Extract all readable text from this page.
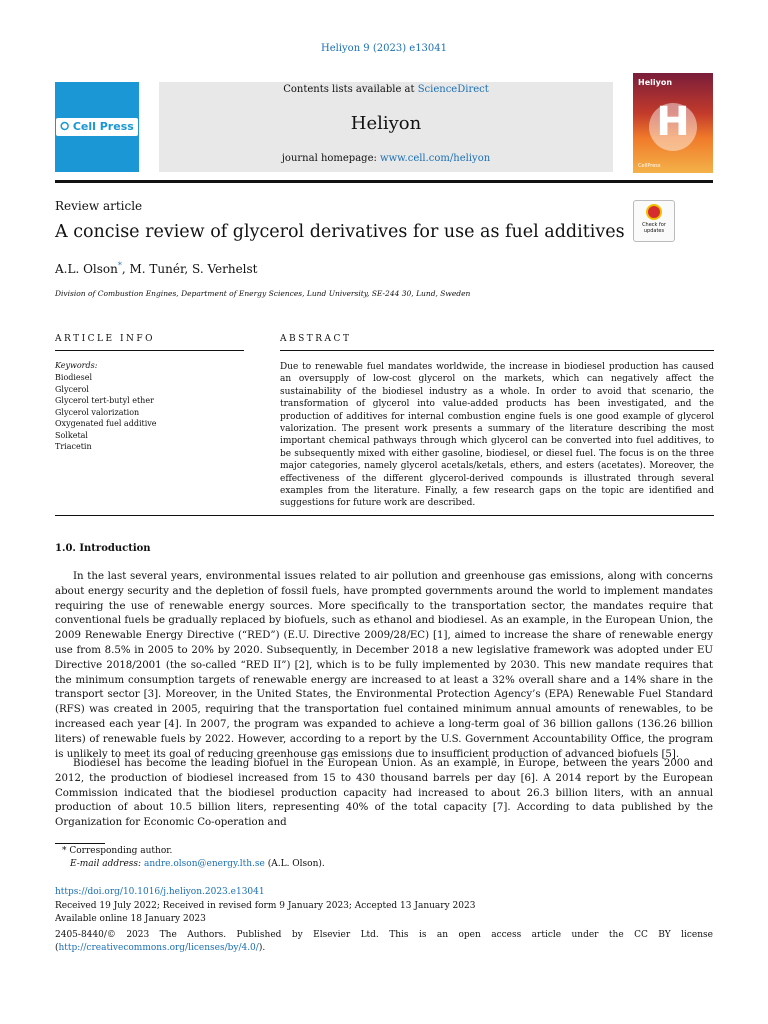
Heliyon 9 (2023) e13041
⭘ Cell Press
Contents lists available at ScienceDirect
Heliyon
journal homepage: www.cell.com/heliyon
Heliyon
H
CellPress
Review article
A concise review of glycerol derivatives for use as fuel additives	Check for updates
A.L. Olson*, M. Tunér, S. Verhelst
Division of Combustion Engines, Department of Energy Sciences, Lund University, SE-244 30, Lund, Sweden
ARTICLE INFO	ABSTRACT
Keywords:
Biodiesel
Glycerol
Glycerol tert-butyl ether
Glycerol valorization
Oxygenated fuel additive
Solketal
Triacetin
Due to renewable fuel mandates worldwide, the increase in biodiesel production has caused an oversupply of low-cost glycerol on the markets, which can negatively affect the sustainability of the biodiesel industry as a whole. In order to avoid that scenario, the transformation of glycerol into value-added products has been investigated, and the production of additives for internal combustion engine fuels is one good example of glycerol valorization. The present work presents a summary of the literature describing the most important chemical pathways through which glycerol can be converted into fuel additives, to be subsequently mixed with either gasoline, biodiesel, or diesel fuel. The focus is on the three major categories, namely glycerol acetals/ketals, ethers, and esters (acetates). Moreover, the effectiveness of the different glycerol-derived compounds is illustrated through several examples from the literature. Finally, a few research gaps on the topic are identified and suggestions for future work are described.
1.0. Introduction

In the last several years, environmental issues related to air pollution and greenhouse gas emissions, along with concerns about energy security and the depletion of fossil fuels, have prompted governments around the world to implement mandates requiring the use of renewable energy sources. More specifically to the transportation sector, the mandates require that conventional fuels be gradually replaced by biofuels, such as ethanol and biodiesel. As an example, in the European Union, the 2009 Renewable Energy Directive (“RED”) (E.U. Directive 2009/28/EC) [1], aimed to increase the share of renewable energy use from 8.5% in 2005 to 20% by 2020. Subsequently, in December 2018 a new legislative framework was adopted under EU Directive 2018/2001 (the so-called “RED II”) [2], which is to be fully implemented by 2030. This new mandate requires that the minimum consumption targets of renewable energy are increased to at least a 32% overall share and a 14% share in the transport sector [3]. Moreover, in the United States, the Environmental Protection Agency’s (EPA) Renewable Fuel Standard (RFS) was created in 2005, requiring that the transportation fuel contained minimum annual amounts of renewables, to be increased each year [4]. In 2007, the program was expanded to achieve a long-term goal of 36 billion gallons (136.26 billion liters) of renewable fuels by 2022. However, according to a report by the U.S. Government Accountability Office, the program is unlikely to meet its goal of reducing greenhouse gas emissions due to insufficient production of advanced biofuels [5].

Biodiesel has become the leading biofuel in the European Union. As an example, in Europe, between the years 2000 and 2012, the production of biodiesel increased from 15 to 430 thousand barrels per day [6]. A 2014 report by the European Commission indicated that the biodiesel production capacity had increased to about 26.3 billion liters, with an annual production of about 10.5 billion liters, representing 40% of the total capacity [7]. According to data published by the Organization for Economic Co-operation and

* Corresponding author.
E-mail address: andre.olson@energy.lth.se (A.L. Olson).
https://doi.org/10.1016/j.heliyon.2023.e13041
Received 19 July 2022; Received in revised form 9 January 2023; Accepted 13 January 2023
Available online 18 January 2023
2405-8440/© 2023 The Authors. Published by Elsevier Ltd. This is an open access article under the CC BY license (http://creativecommons.org/licenses/by/4.0/).
